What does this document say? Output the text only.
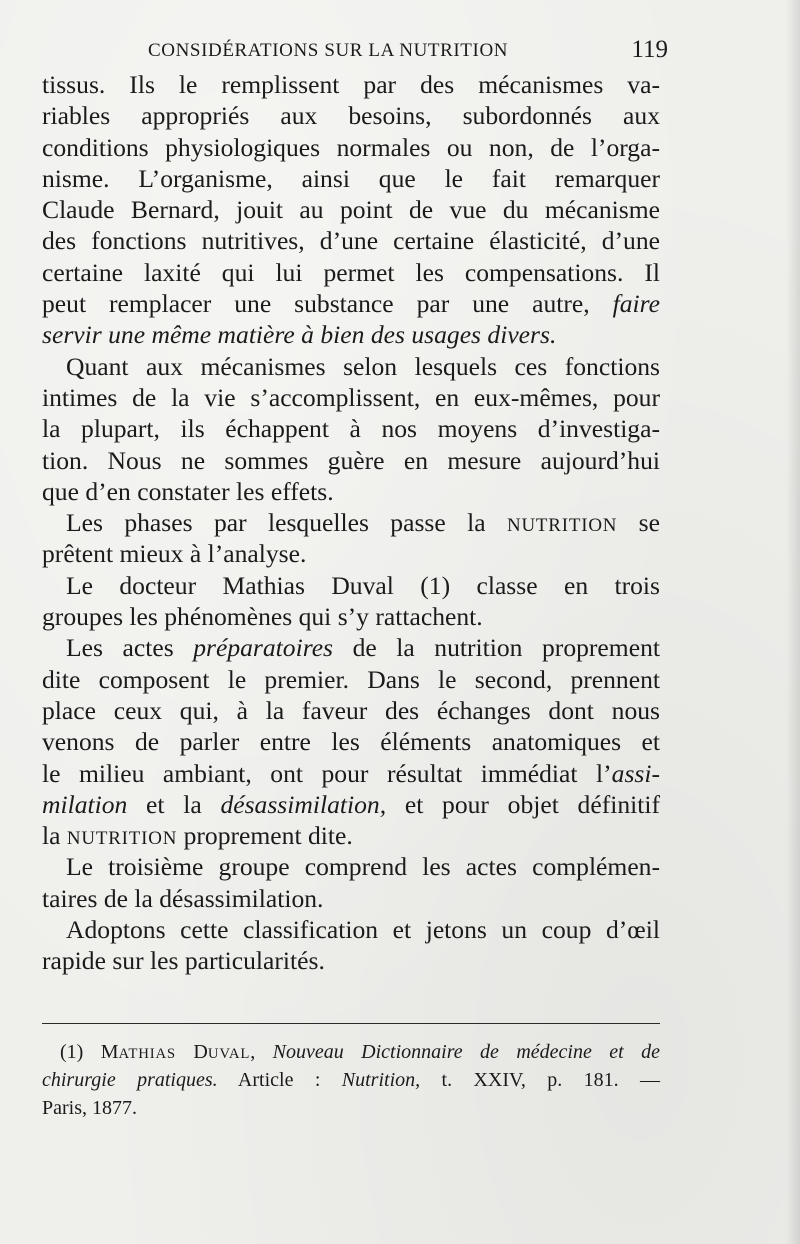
CONSIDÉRATIONS SUR LA NUTRITION	119
tissus. Ils le remplissent par des mécanismes va-
riables appropriés aux besoins, subordonnés aux
conditions physiologiques normales ou non, de l’orga-
nisme. L’organisme, ainsi que le fait remarquer
Claude Bernard, jouit au point de vue du mécanisme
des fonctions nutritives, d’une certaine élasticité, d’une
certaine laxité qui lui permet les compensations. Il
peut remplacer une substance par une autre, faire
servir une même matière à bien des usages divers.
Quant aux mécanismes selon lesquels ces fonctions
intimes de la vie s’accomplissent, en eux-mêmes, pour
la plupart, ils échappent à nos moyens d’investiga-
tion. Nous ne sommes guère en mesure aujourd’hui
que d’en constater les effets.
Les phases par lesquelles passe la NUTRITION se
prêtent mieux à l’analyse.
Le docteur Mathias Duval (1) classe en trois
groupes les phénomènes qui s’y rattachent.
Les actes préparatoires de la nutrition proprement
dite composent le premier. Dans le second, prennent
place ceux qui, à la faveur des échanges dont nous
venons de parler entre les éléments anatomiques et
le milieu ambiant, ont pour résultat immédiat l’assi-
milation et la désassimilation, et pour objet définitif
la NUTRITION proprement dite.
Le troisième groupe comprend les actes complémen-
taires de la désassimilation.
Adoptons cette classification et jetons un coup d’œil
rapide sur les particularités.
(1) MATHIAS DUVAL, Nouveau Dictionnaire de médecine et de
chirurgie pratiques. Article : Nutrition, t. XXIV, p. 181. —
Paris, 1877.
